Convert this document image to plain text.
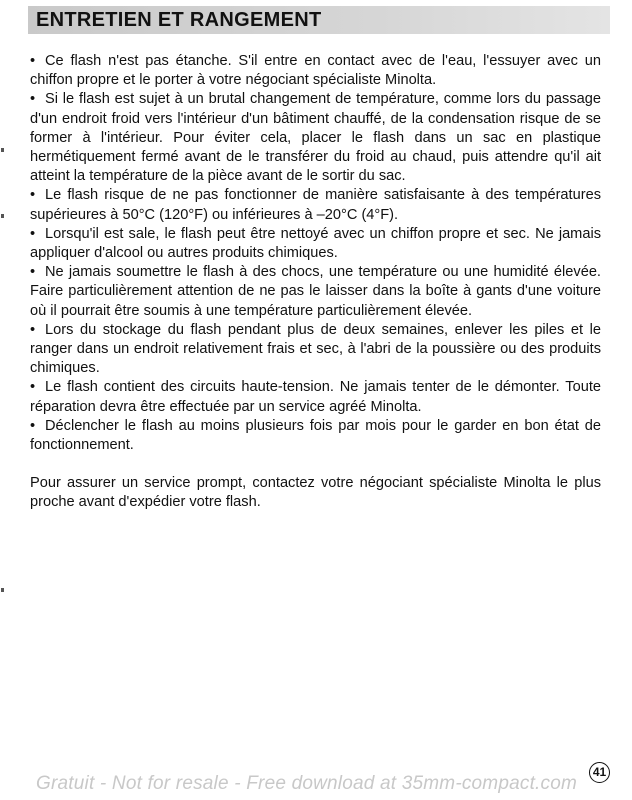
ENTRETIEN ET RANGEMENT

• Ce flash n'est pas étanche. S'il entre en contact avec de l'eau, l'essuyer avec un chiffon propre et le porter à votre négociant spécialiste Minolta.

• Si le flash est sujet à un brutal changement de température, comme lors du passage d'un endroit froid vers l'intérieur d'un bâtiment chauffé, de la condensation risque de se former à l'intérieur. Pour éviter cela, placer le flash dans un sac en plastique hermétiquement fermé avant de le transférer du froid au chaud, puis attendre qu'il ait atteint la température de la pièce avant de le sortir du sac.

• Le flash risque de ne pas fonctionner de manière satisfaisante à des températures supérieures à 50°C (120°F) ou inférieures à –20°C (4°F).

• Lorsqu'il est sale, le flash peut être nettoyé avec un chiffon propre et sec. Ne jamais appliquer d'alcool ou autres produits chimiques.

• Ne jamais soumettre le flash à des chocs, une température ou une humidité élevée. Faire particulièrement attention de ne pas le laisser dans la boîte à gants d'une voiture où il pourrait être soumis à une température particulièrement élevée.

• Lors du stockage du flash pendant plus de deux semaines, enlever les piles et le ranger dans un endroit relativement frais et sec, à l'abri de la poussière ou des produits chimiques.

• Le flash contient des circuits haute-tension. Ne jamais tenter de le démonter. Toute réparation devra être effectuée par un service agréé Minolta.

• Déclencher le flash au moins plusieurs fois par mois pour le garder en bon état de fonctionnement.

Pour assurer un service prompt, contactez votre négociant spécialiste Minolta le plus proche avant d'expédier votre flash.

41

Gratuit - Not for resale - Free download at 35mm-compact.com
